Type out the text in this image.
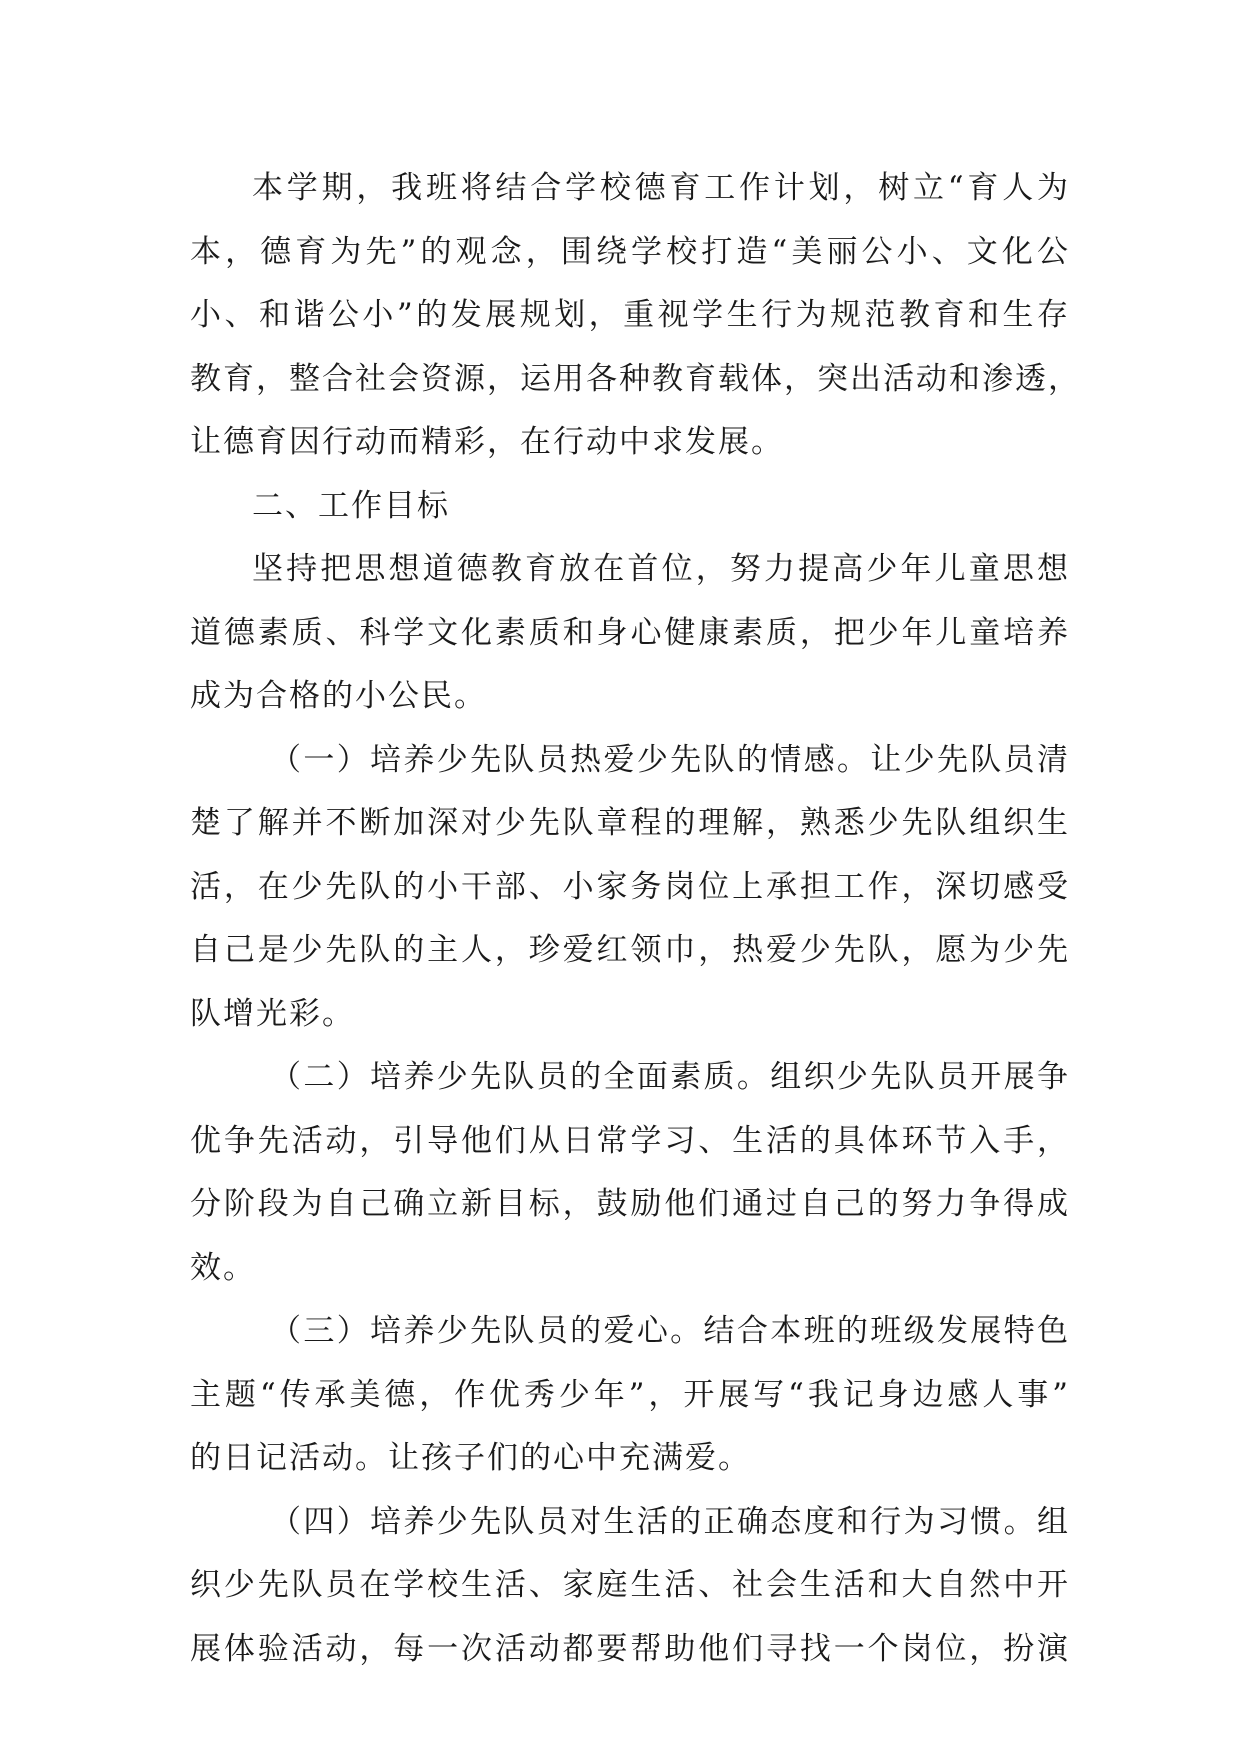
本学期，我班将结合学校德育工作计划，树立“育人为
本，德育为先”的观念，围绕学校打造“美丽公小、文化公
小、和谐公小”的发展规划，重视学生行为规范教育和生存
教育，整合社会资源，运用各种教育载体，突出活动和渗透，
让德育因行动而精彩，在行动中求发展。
二、工作目标
坚持把思想道德教育放在首位，努力提高少年儿童思想
道德素质、科学文化素质和身心健康素质，把少年儿童培养
成为合格的小公民。
（一）培养少先队员热爱少先队的情感。让少先队员清
楚了解并不断加深对少先队章程的理解，熟悉少先队组织生
活，在少先队的小干部、小家务岗位上承担工作，深切感受
自己是少先队的主人，珍爱红领巾，热爱少先队，愿为少先
队增光彩。
（二）培养少先队员的全面素质。组织少先队员开展争
优争先活动，引导他们从日常学习、生活的具体环节入手，
分阶段为自己确立新目标，鼓励他们通过自己的努力争得成
效。
（三）培养少先队员的爱心。结合本班的班级发展特色
主题“传承美德，作优秀少年”，开展写“我记身边感人事”
的日记活动。让孩子们的心中充满爱。
（四）培养少先队员对生活的正确态度和行为习惯。组
织少先队员在学校生活、家庭生活、社会生活和大自然中开
展体验活动，每一次活动都要帮助他们寻找一个岗位，扮演
